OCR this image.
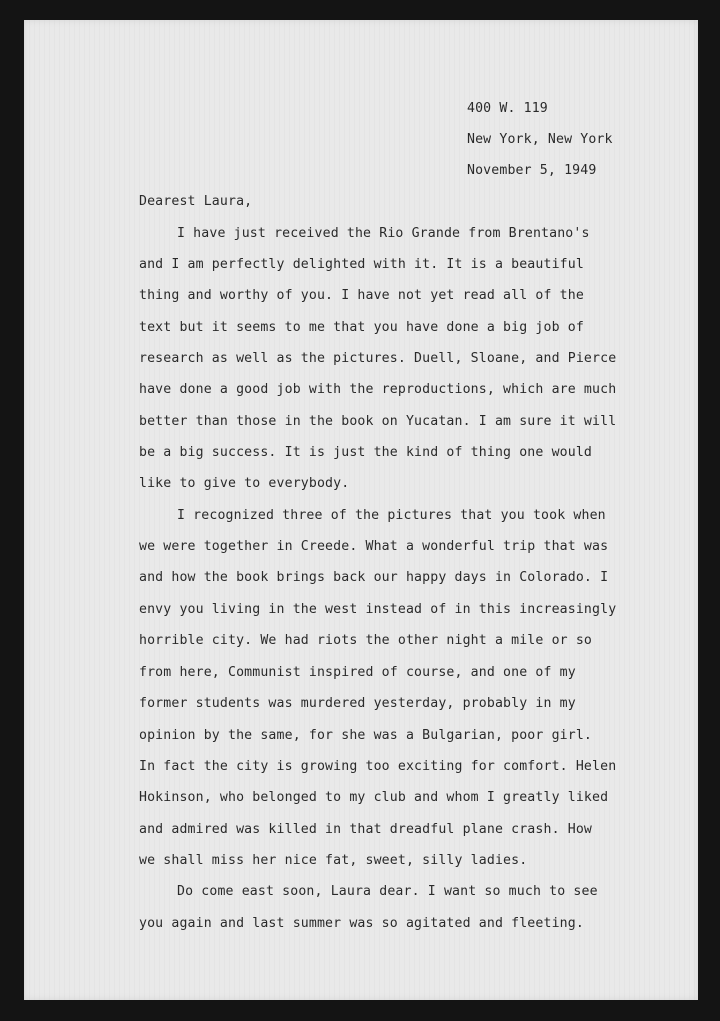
400 W. 119
New York, New York
November 5, 1949
Dearest Laura,
I have just received the Rio Grande from Brentano's
and I am perfectly delighted with it. It is a beautiful
thing and worthy of you. I have not yet read all of the
text but it seems to me that you have done a big job of
research as well as the pictures. Duell, Sloane, and Pierce
have done a good job with the reproductions, which are much
better than those in the book on Yucatan. I am sure it will
be a big success. It is just the kind of thing one would
like to give to everybody.
I recognized three of the pictures that you took when
we were together in Creede. What a wonderful trip that was
and how the book brings back our happy days in Colorado. I
envy you living in the west instead of in this increasingly
horrible city. We had riots the other night a mile or so
from here, Communist inspired of course, and one of my
former students was murdered yesterday, probably in my
opinion by the same, for she was a Bulgarian, poor girl.
In fact the city is growing too exciting for comfort. Helen
Hokinson, who belonged to my club and whom I greatly liked
and admired was killed in that dreadful plane crash. How
we shall miss her nice fat, sweet, silly ladies.
Do come east soon, Laura dear. I want so much to see
you again and last summer was so agitated and fleeting.
